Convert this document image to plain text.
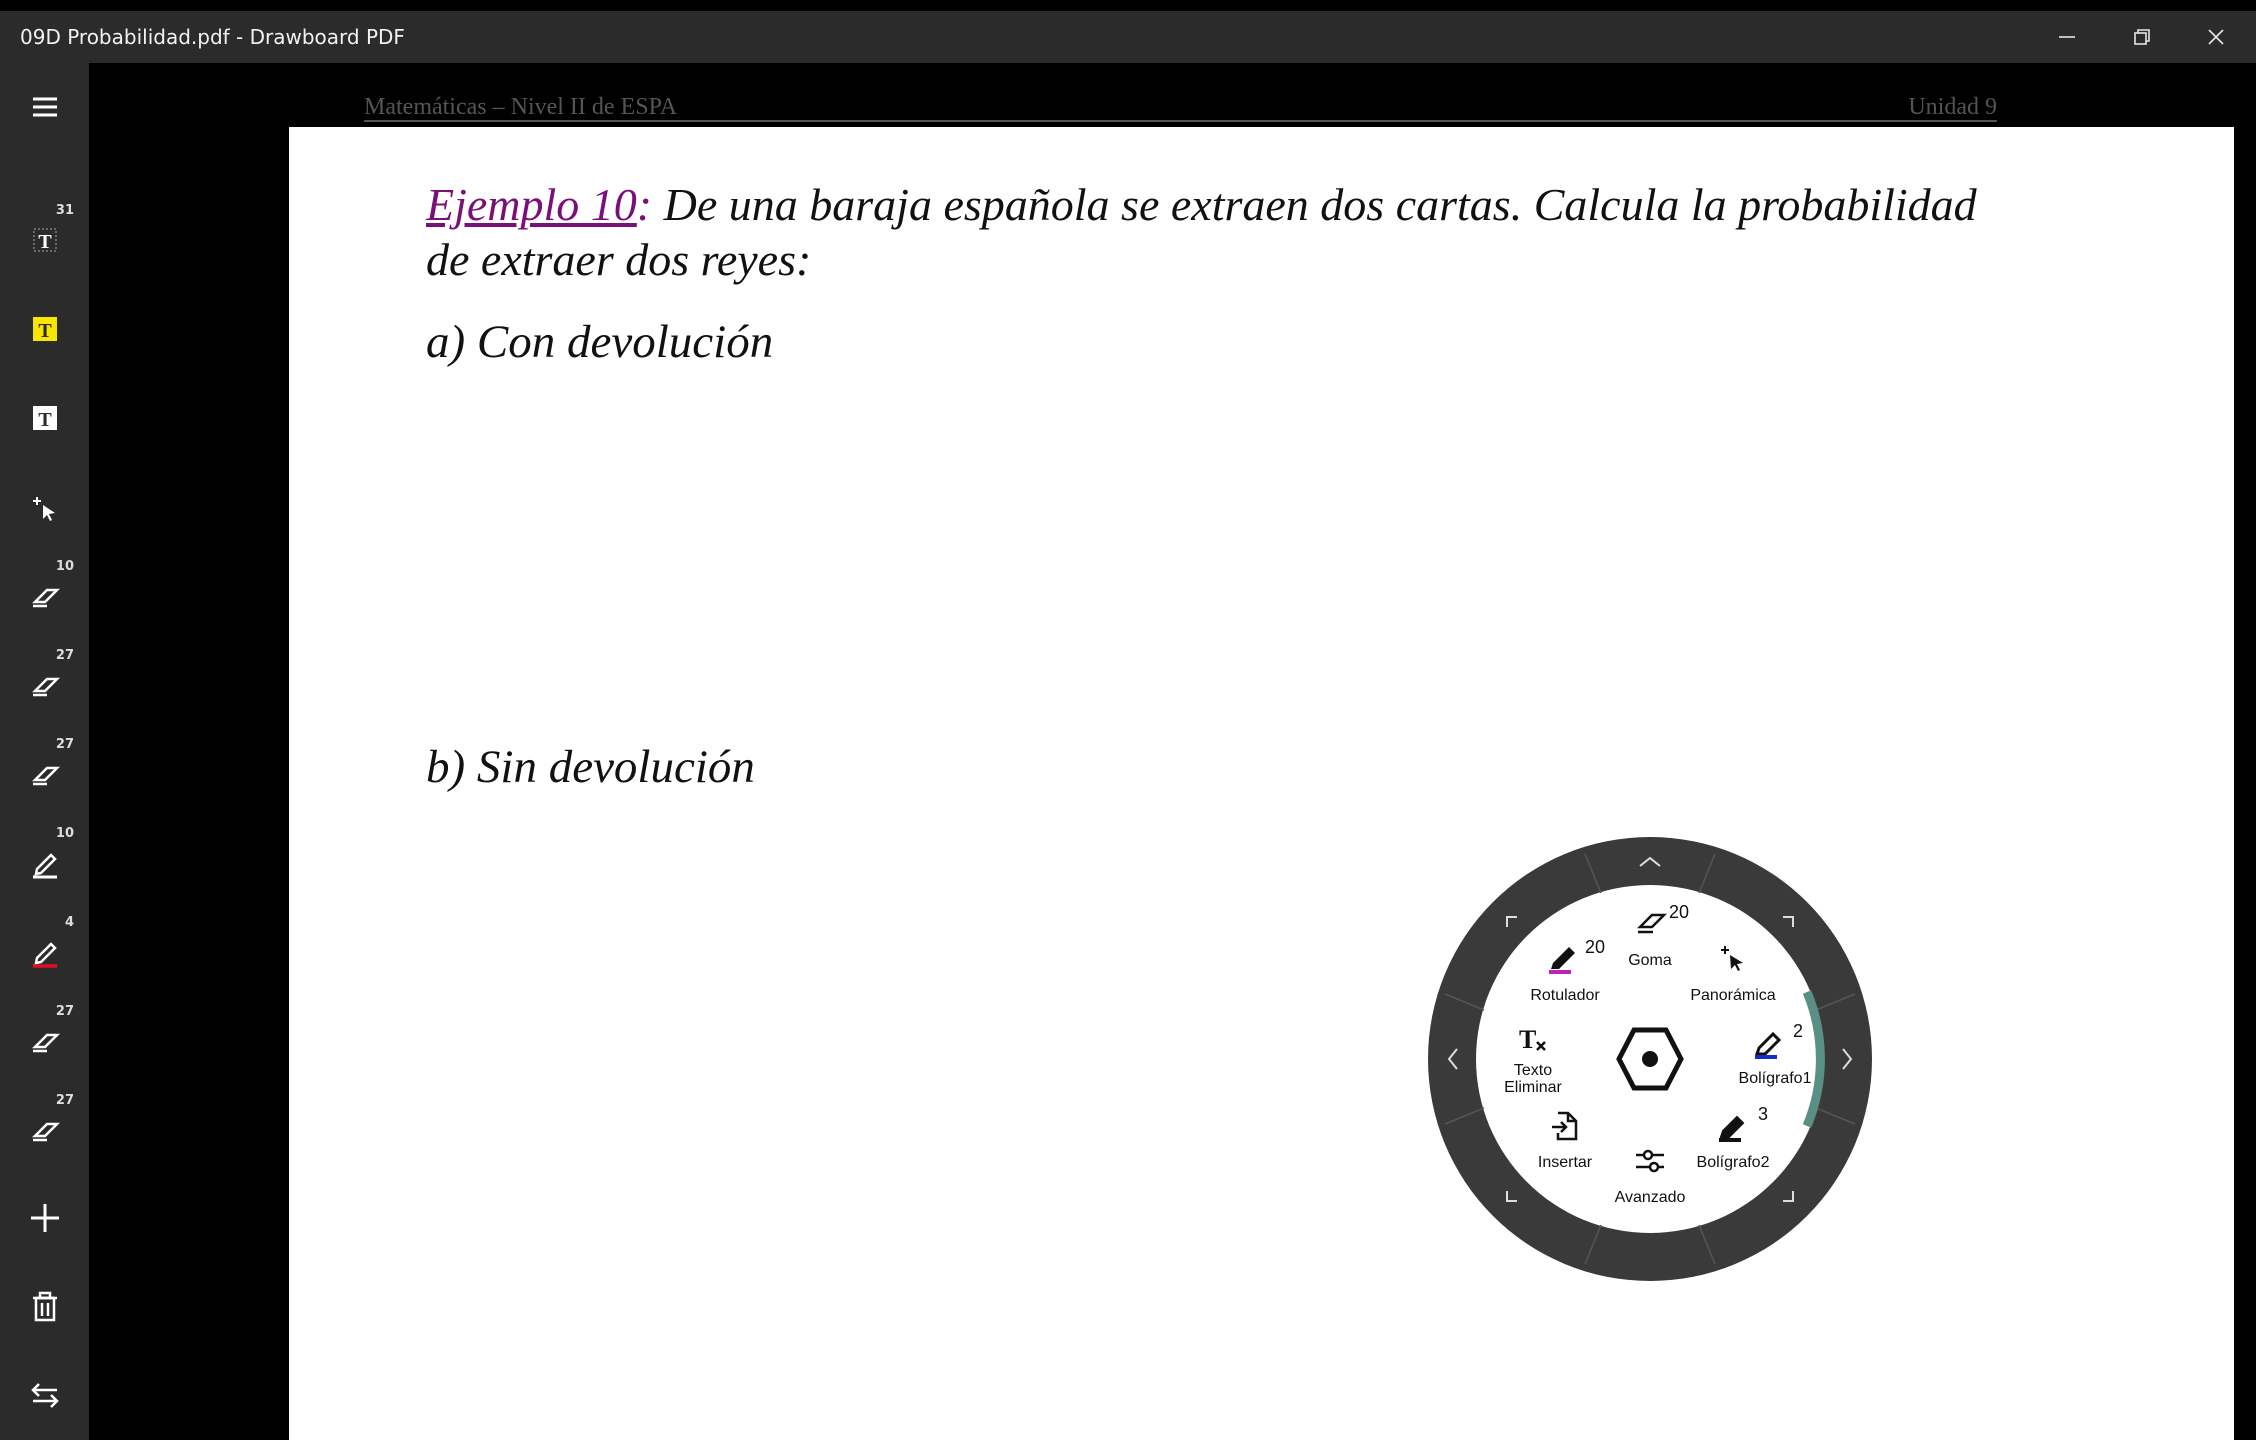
09D Probabilidad.pdf - Drawboard PDF
31
T
T
T
10
27
27
10
4
27
27
Matemáticas – Nivel II de ESPA	Unidad 9
Ejemplo 10: De una baraja española se extraen dos cartas. Calcula la probabilidad
de extraer dos reyes:
a) Con devolución
b) Sin devolución
20
Goma
20
Rotulador	Panorámica
T
Texto
Eliminar
2
Bolígrafo1
Insertar
3
Bolígrafo2
Avanzado
